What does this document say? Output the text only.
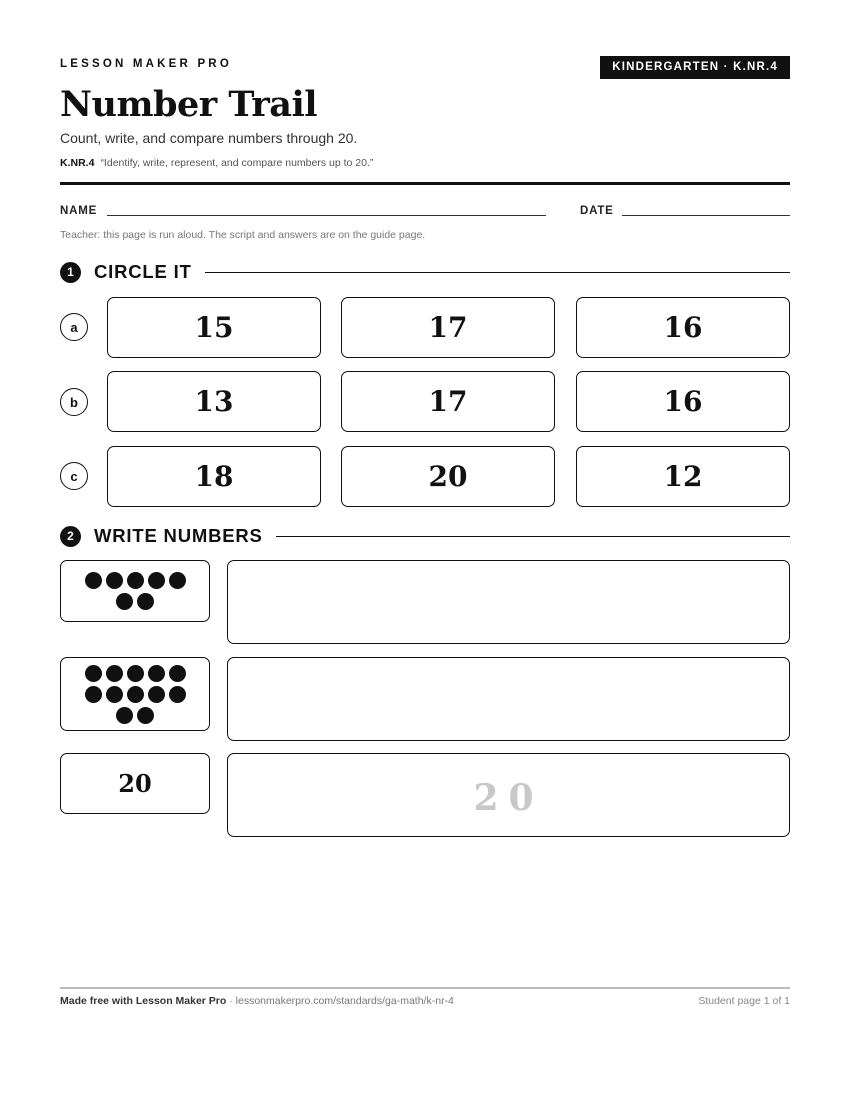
LESSON MAKER PRO	KINDERGARTEN · K.NR.4
Number Trail
Count, write, and compare numbers through 20.
K.NR.4 “Identify, write, represent, and compare numbers up to 20.”
NAME	DATE
Teacher: this page is run aloud. The script and answers are on the guide page.
1	CIRCLE IT
a	15	17	16
b	13	17	16
c	18	20	12
2	WRITE NUMBERS
20	20
Made free with Lesson Maker Pro · lessonmakerpro.com/standards/ga-math/k-nr-4	Student page 1 of 1
